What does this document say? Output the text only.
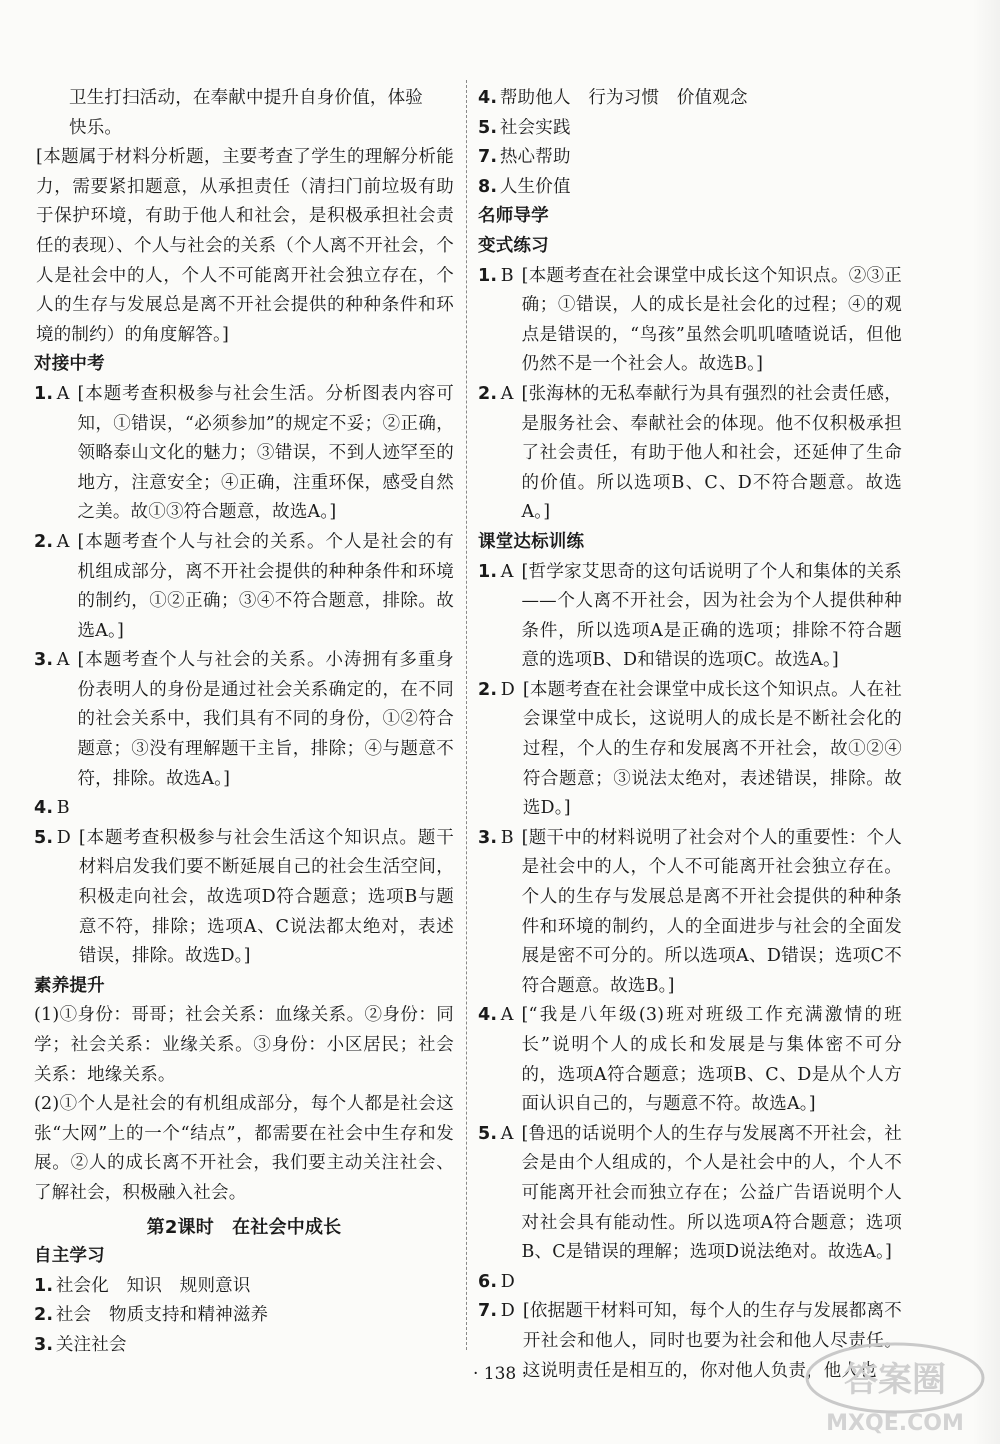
卫生打扫活动，在奉献中提升自身价值，体验

快乐。

[本题属于材料分析题，主要考查了学生的理解分析能力，需要紧扣题意，从承担责任（清扫门前垃圾有助于保护环境，有助于他人和社会，是积极承担社会责任的表现）、个人与社会的关系（个人离不开社会，个人是社会中的人，个人不可能离开社会独立存在，个人的生存与发展总是离不开社会提供的种种条件和环境的制约）的角度解答。]

对接中考

1. A [本题考查积极参与社会生活。分析图表内容可知，①错误，“必须参加”的规定不妥；②正确，领略泰山文化的魅力；③错误，不到人迹罕至的地方，注意安全；④正确，注重环保，感受自然之美。故①③符合题意，故选A。]
2. A [本题考查个人与社会的关系。个人是社会的有机组成部分，离不开社会提供的种种条件和环境的制约，①②正确；③④不符合题意，排除。故选A。]
3. A [本题考查个人与社会的关系。小涛拥有多重身份表明人的身份是通过社会关系确定的，在不同的社会关系中，我们具有不同的身份，①②符合题意；③没有理解题干主旨，排除；④与题意不符，排除。故选A。]
4. B
5. D [本题考查积极参与社会生活这个知识点。题干材料启发我们要不断延展自己的社会生活空间，积极走向社会，故选项D符合题意；选项B与题意不符，排除；选项A、C说法都太绝对，表述错误，排除。故选D。]

素养提升

(1)①身份：哥哥；社会关系：血缘关系。②身份：同学；社会关系：业缘关系。③身份：小区居民；社会关系：地缘关系。

(2)①个人是社会的有机组成部分，每个人都是社会这张“大网”上的一个“结点”，都需要在社会中生存和发展。②人的成长离不开社会，我们要主动关注社会、了解社会，积极融入社会。

第2课时　在社会中成长

自主学习

1. 社会化　知识　规则意识
2. 社会　物质支持和精神滋养
3. 关注社会
4. 帮助他人　行为习惯　价值观念
5. 社会实践
7. 热心帮助
8. 人生价值

名师导学

变式练习

1. B [本题考查在社会课堂中成长这个知识点。②③正确；①错误，人的成长是社会化的过程；④的观点是错误的，“鸟孩”虽然会叽叽喳喳说话，但他仍然不是一个社会人。故选B。]
2. A [张海林的无私奉献行为具有强烈的社会责任感，是服务社会、奉献社会的体现。他不仅积极承担了社会责任，有助于他人和社会，还延伸了生命的价值。所以选项B、C、D不符合题意。故选A。]

课堂达标训练

1. A [哲学家艾思奇的这句话说明了个人和集体的关系——个人离不开社会，因为社会为个人提供种种条件，所以选项A是正确的选项；排除不符合题意的选项B、D和错误的选项C。故选A。]
2. D [本题考查在社会课堂中成长这个知识点。人在社会课堂中成长，这说明人的成长是不断社会化的过程，个人的生存和发展离不开社会，故①②④符合题意；③说法太绝对，表述错误，排除。故选D。]
3. B [题干中的材料说明了社会对个人的重要性：个人是社会中的人，个人不可能离开社会独立存在。个人的生存与发展总是离不开社会提供的种种条件和环境的制约，人的全面进步与社会的全面发展是密不可分的。所以选项A、D错误；选项C不符合题意。故选B。]
4. A [“我是八年级(3)班对班级工作充满激情的班长”说明个人的成长和发展是与集体密不可分的，选项A符合题意；选项B、C、D是从个人方面认识自己的，与题意不符。故选A。]
5. A [鲁迅的话说明个人的生存与发展离不开社会，社会是由个人组成的，个人是社会中的人，个人不可能离开社会而独立存在；公益广告语说明个人对社会具有能动性。所以选项A符合题意；选项B、C是错误的理解；选项D说法绝对。故选A。]
6. D
7. D [依据题干材料可知，每个人的生存与发展都离不开社会和他人，同时也要为社会和他人尽责任。这说明责任是相互的，你对他人负责，他人也
· 138 ·	答案圈
MXQE.COM
